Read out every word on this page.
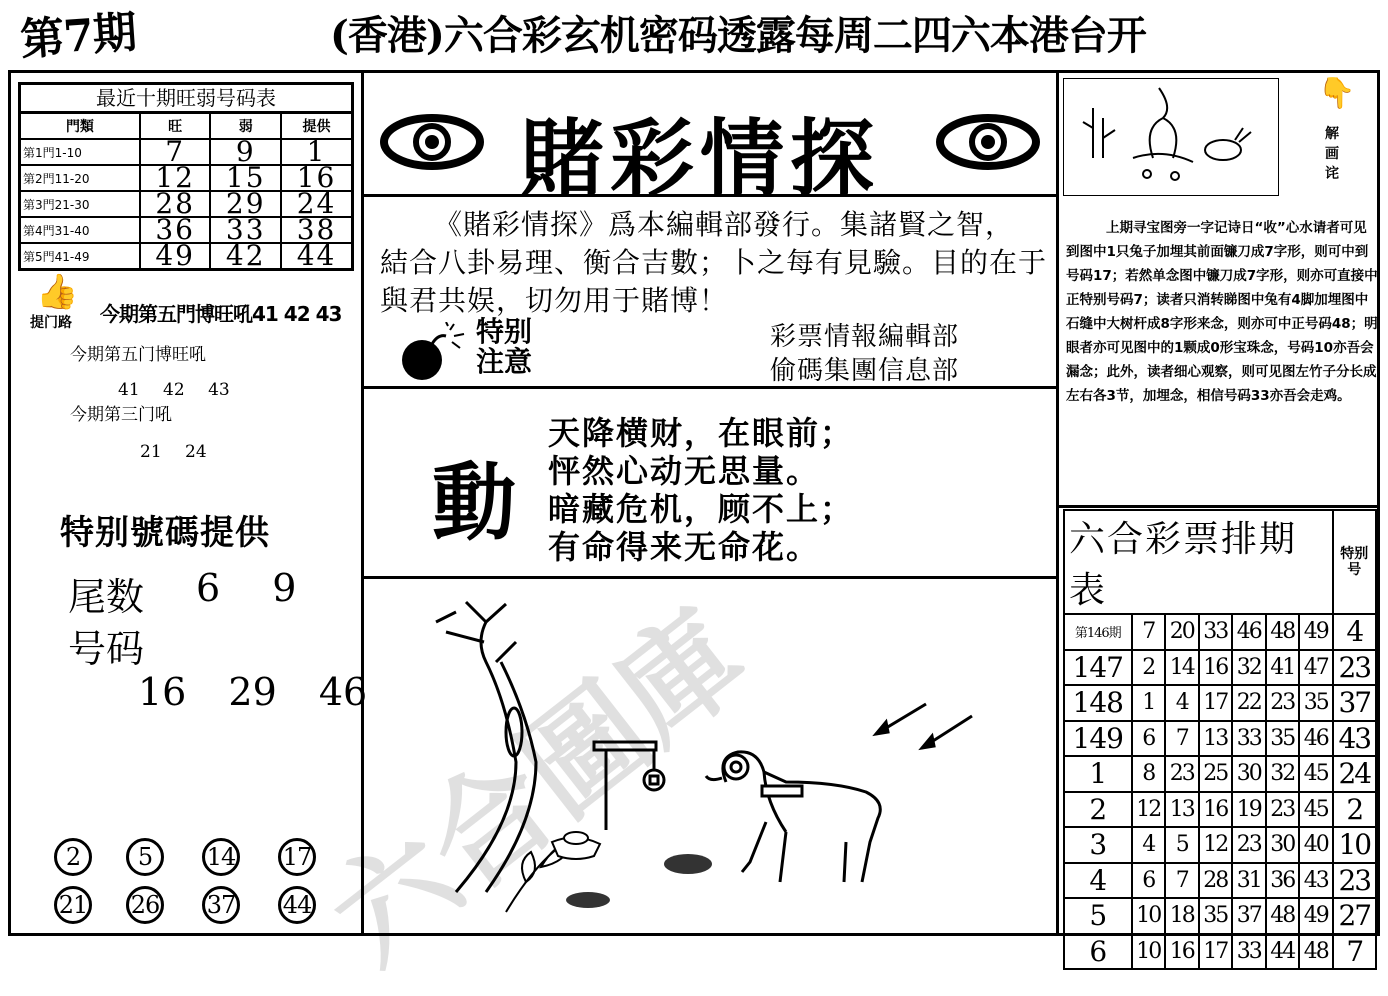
第7期	(香港)六合彩玄机密码透露每周二四六本港台开
最近十期旺弱号码表
門類	旺	弱	提供
第1門1-10	7	9	1
第2門11-20	12	15	16
第3門21-30	28	29	24
第4門31-40	36	33	38
第5門41-49	49	42	44
👍
提门路 今期第五門博旺吼41 42 43
今期第五门博旺吼
41 42 43
今期第三门吼
21 24
特别號碼提供
尾数 6 9
号码
16 29 46
2	5	14 17
21 26 37 44
賭彩情探
《賭彩情探》爲本編輯部發行。集諸賢之智， 結合八卦易理、衡合吉數；卜之每有見驗。目的在于與君共娱，切勿用于賭博！
特别
注意
彩票情報編輯部
偷碼集團信息部
動
天降横财，在眼前；
怦然心动无思量。
暗藏危机，顾不上；
有命得来无命花。
👇
解画诧
上期寻宝图旁一字记诗日“收”心水请者可见到图中1只兔子加埋其前面镰刀成7字形，则可中到号码17；若然单念图中镰刀成7字形，则亦可直接中正特别号码7；读者只消转睇图中兔有4脚加埋图中石缝中大树杆成8字形来念，则亦可中正号码48；明眼者亦可见图中的1颗成0形宝珠念，号码10亦吾会漏念；此外，读者细心观察，则可见图左竹子分长成左右各3节，加埋念，相信号码33亦吾会走鸡。
六合彩票排期表							特别号
第146期	7	20	33	46	48	49	4
147	2	14	16	32	41	47	23
148	1	4	17	22	23	35	37
149	6	7	13	33	35	46	43
1	8	23	25	30	32	45	24
2	12	13	16	19	23	45	2
3	4	5	12	23	30	40	10
4	6	7	28	31	36	43	23
5	10	18	35	37	48	49	27
6	10	16	17	33	44	48	7
六合圖庫
